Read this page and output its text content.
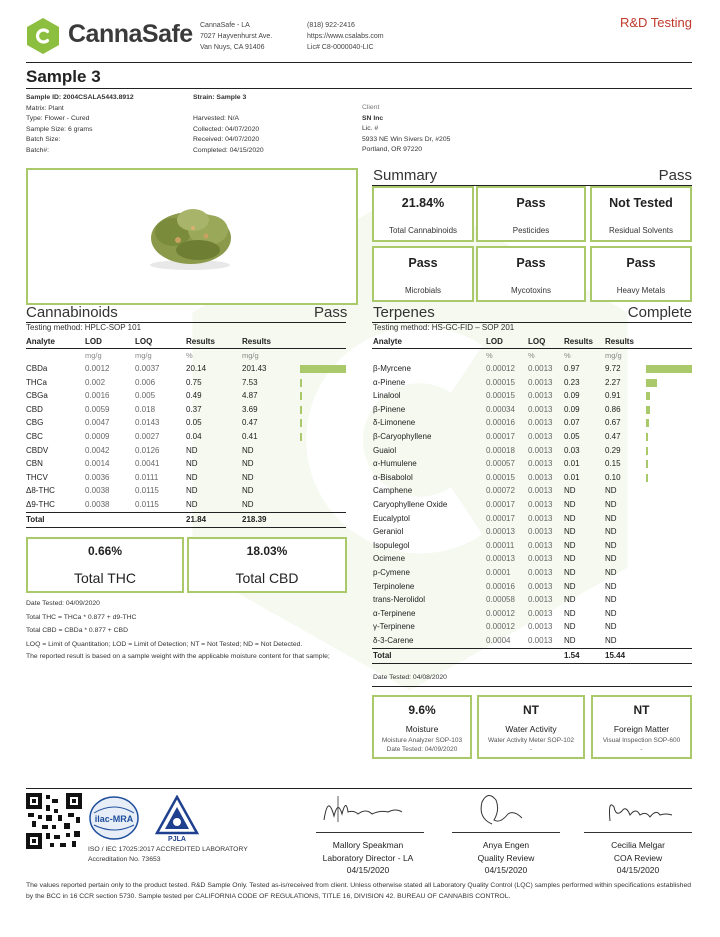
CannaSafe CannaSafe - LA
7027 Hayvenhurst Ave.
Van Nuys, CA 91406
(818) 922-2416
https://www.csalabs.com
Lic# C8-0000040-LIC
R&D Testing
Sample 3
Sample ID: 2004CSALA5443.8912
Matrix: Plant
Type: Flower - Cured
Sample Size: 6 grams
Batch Size:
Batch#:
Strain: Sample 3
Harvested: N/A
Collected: 04/07/2020
Received: 04/07/2020
Completed: 04/15/2020
Client
SN Inc
Lic. #
5933 NE Win Sivers Dr, #205
Portland, OR 97220
Summary	Pass
21.84%
Total Cannabinoids
Pass
Pesticides
Not Tested
Residual Solvents
Pass
Microbials
Pass
Mycotoxins
Pass
Heavy Metals
Cannabinoids	Pass
Testing method: HPLC-SOP 101
Analyte	LOD	LOQ	Results	Results
mg/g	mg/g	%	mg/g
CBDa	0.0012	0.0037	20.14	201.43
THCa	0.002	0.006	0.75	7.53
CBGa	0.0016	0.005	0.49	4.87
CBD	0.0059	0.018	0.37	3.69
CBG	0.0047	0.0143	0.05	0.47
CBC	0.0009	0.0027	0.04	0.41
CBDV	0.0042	0.0126	ND	ND
CBN	0.0014	0.0041	ND	ND
THCV	0.0036	0.0111	ND	ND
Δ8-THC	0.0038	0.0115	ND	ND
Δ9-THC	0.0038	0.0115	ND	ND
Total	21.84	218.39
0.66%
Total THC
18.03%
Total CBD
Date Tested: 04/09/2020
Total THC = THCa * 0.877 + d9-THC
Total CBD = CBDa * 0.877 + CBD
LOQ = Limit of Quantitation; LOD = Limit of Detection; NT = Not Tested; ND = Not Detected.
The reported result is based on a sample weight with the applicable moisture content for that sample;
Terpenes	Complete
Testing method: HS-GC-FID – SOP 201
Analyte	LOD	LOQ Results Results
%	%	%	mg/g
β-Myrcene	0.00012 0.0013 0.97	9.72
α-Pinene	0.00015 0.0013 0.23	2.27
Linalool	0.00015 0.0013 0.09	0.91
β-Pinene	0.00034 0.0013 0.09	0.86
δ-Limonene	0.00016 0.0013 0.07	0.67
β-Caryophyllene	0.00017 0.0013 0.05	0.47
Guaiol	0.00018 0.0013 0.03	0.29
α-Humulene	0.00057 0.0013 0.01	0.15
α-Bisabolol	0.00015 0.0013 0.01	0.10
Camphene	0.00072 0.0013 ND	ND
Caryophyllene Oxide	0.00017 0.0013 ND	ND
Eucalyptol	0.00017 0.0013 ND	ND
Geraniol	0.00013 0.0013 ND	ND
Isopulegol	0.00011 0.0013 ND	ND
Ocimene	0.00013 0.0013 ND	ND
p-Cymene	0.0001 0.0013 ND	ND
Terpinolene	0.00016 0.0013 ND	ND
trans-Nerolidol	0.00058 0.0013 ND	ND
α-Terpinene	0.00012 0.0013 ND	ND
γ-Terpinene	0.00012 0.0013 ND	ND
δ-3-Carene	0.0004 0.0013 ND	ND
Total	1.54	15.44
Date Tested: 04/08/2020
9.6%
Moisture
Moisture Analyzer SOP-103
Date Tested: 04/09/2020
NT
Water Activity
Water Activity Meter SOP-102
-
NT
Foreign Matter
Visual Inspection SOP-600
-
ilac-MRA
PJLA
ISO / IEC 17025:2017 ACCREDITED LABORATORY
Accreditation No. 73653
Mallory Speakman
Laboratory Director - LA
04/15/2020
Anya Engen
Quality Review
04/15/2020
Cecilia Melgar
COA Review
04/15/2020
The values reported pertain only to the product tested. R&D Sample Only. Tested as-is/received from client. Unless otherwise stated all Laboratory Quality Control (LQC) samples performed within specifications established by the BCC in 16 CCR section 5730. Sample tested per CALIFORNIA CODE OF REGULATIONS, TITLE 16, DIVISION 42. BUREAU OF CANNABIS CONTROL.
